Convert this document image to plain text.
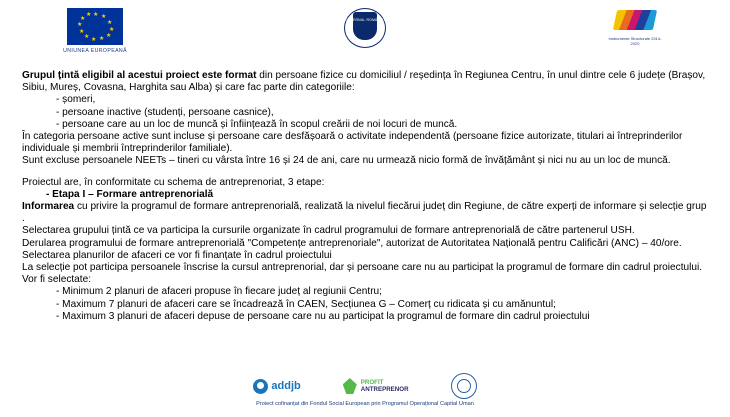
★ ★
★
★
★
★
★
★
★
★
★
★
UNIUNEA EUROPEANĂ
GUVERNUL ROMÂNIEI
Instrumente Structurale 2014-2020

Grupul țintă eligibil al acestui proiect este format din persoane fizice cu domiciliul / reședința în Regiunea Centru, în unul dintre cele 6 județe (Brașov, Sibiu, Mureș, Covasna, Harghita sau Alba) și care fac parte din categoriile:

- șomeri,

- persoane inactive (studenți, persoane casnice),

- persoane care au un loc de muncă și înființează în scopul creării de noi locuri de muncă.

În categoria persoane active sunt incluse și persoane care desfășoară o activitate independentă (persoane fizice autorizate, titulari ai întreprinderilor individuale și membrii întreprinderilor familiale).

Sunt excluse persoanele NEETs – tineri cu vârsta între 16 și 24 de ani, care nu urmează nicio formă de învățământ și nici nu au un loc de muncă.

Proiectul are, în conformitate cu schema de antreprenoriat, 3 etape:

- Etapa I – Formare antreprenorială

Informarea cu privire la programul de formare antreprenorială, realizată la nivelul fiecărui județ din Regiune, de către experți de informare și selecție grup .

Selectarea grupului țintă ce va participa la cursurile organizate în cadrul programului de formare antreprenorială de către partenerul USH.

Derularea programului de formare antreprenorială "Competențe antreprenoriale", autorizat de Autoritatea Națională pentru Calificări (ANC) – 40/ore.

Selectarea planurilor de afaceri ce vor fi finanțate în cadrul proiectului

La selecție pot participa persoanele înscrise la cursul antreprenorial, dar și persoane care nu au participat la programul de formare din cadrul proiectului.

Vor fi selectate:

- Minimum 2 planuri de afaceri propuse în fiecare județ al regiunii Centru;

- Maximum 7 planuri de afaceri care se încadrează în CAEN, Secțiunea G – Comerț cu ridicata și cu amănuntul;

- Maximum 3 planuri de afaceri depuse de persoane care nu au participat la programul de formare din cadrul proiectului

addjb	PROFIT
ANTREPRENOR
Proiect cofinanțat din Fondul Social European prin Programul Operațional Capital Uman
